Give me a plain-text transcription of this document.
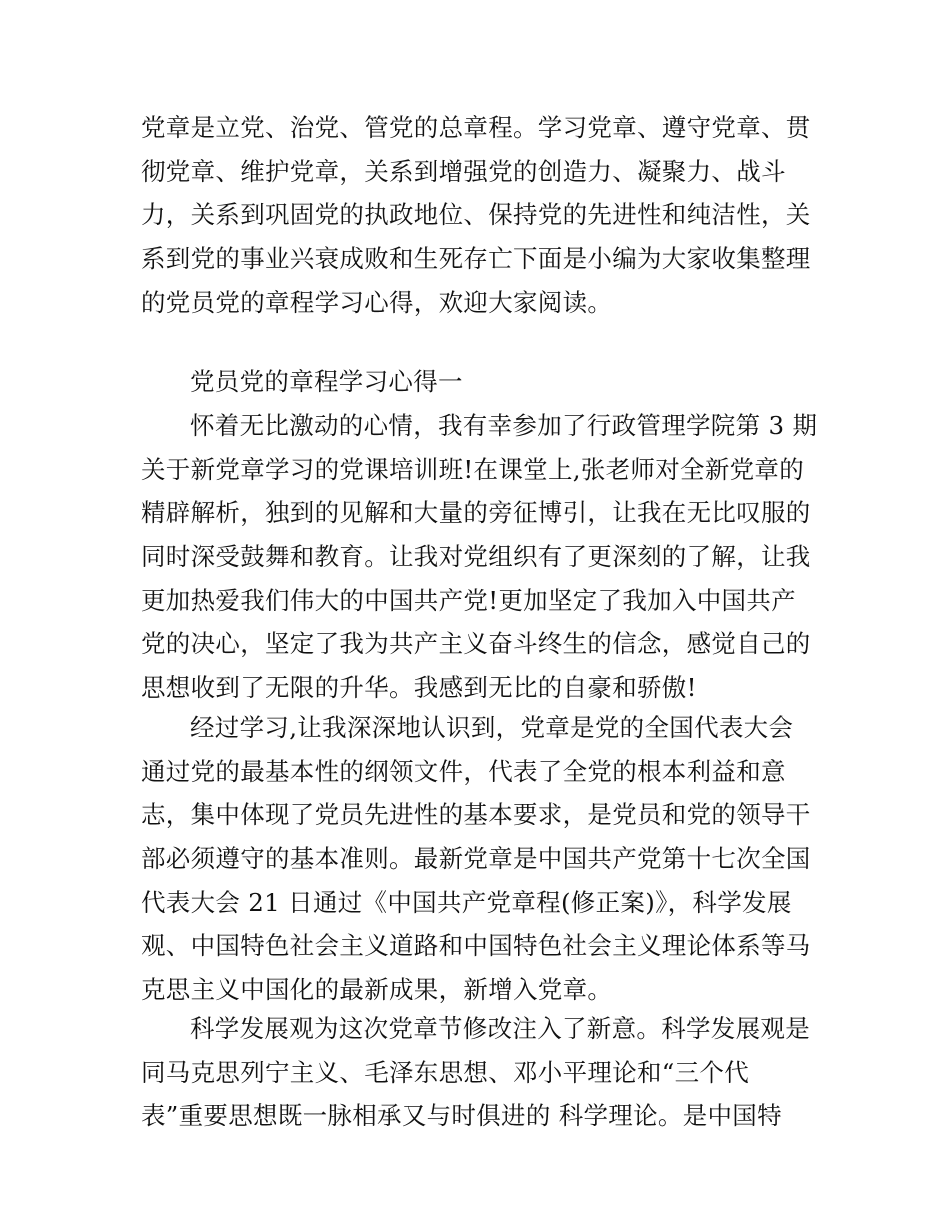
党章是立党、治党、管党的总章程。学习党章、遵守党章、贯
彻党章、维护党章，关系到增强党的创造力、凝聚力、战斗
力，关系到巩固党的执政地位、保持党的先进性和纯洁性，关
系到党的事业兴衰成败和生死存亡下面是小编为大家收集整理
的党员党的章程学习心得，欢迎大家阅读。
党员党的章程学习心得一
怀着无比激动的心情，我有幸参加了行政管理学院第 3 期
关于新党章学习的党课培训班!在课堂上,张老师对全新党章的
精辟解析，独到的见解和大量的旁征博引，让我在无比叹服的
同时深受鼓舞和教育。让我对党组织有了更深刻的了解，让我
更加热爱我们伟大的中国共产党!更加坚定了我加入中国共产
党的决心，坚定了我为共产主义奋斗终生的信念，感觉自己的
思想收到了无限的升华。我感到无比的自豪和骄傲!
经过学习,让我深深地认识到，党章是党的全国代表大会
通过党的最基本性的纲领文件，代表了全党的根本利益和意
志，集中体现了党员先进性的基本要求，是党员和党的领导干
部必须遵守的基本准则。最新党章是中国共产党第十七次全国
代表大会 21 日通过《中国共产党章程(修正案)》，科学发展
观、中国特色社会主义道路和中国特色社会主义理论体系等马
克思主义中国化的最新成果，新增入党章。
科学发展观为这次党章节修改注入了新意。科学发展观是
同马克思列宁主义、毛泽东思想、邓小平理论和“三个代
表”重要思想既一脉相承又与时俱进的 科学理论。是中国特
